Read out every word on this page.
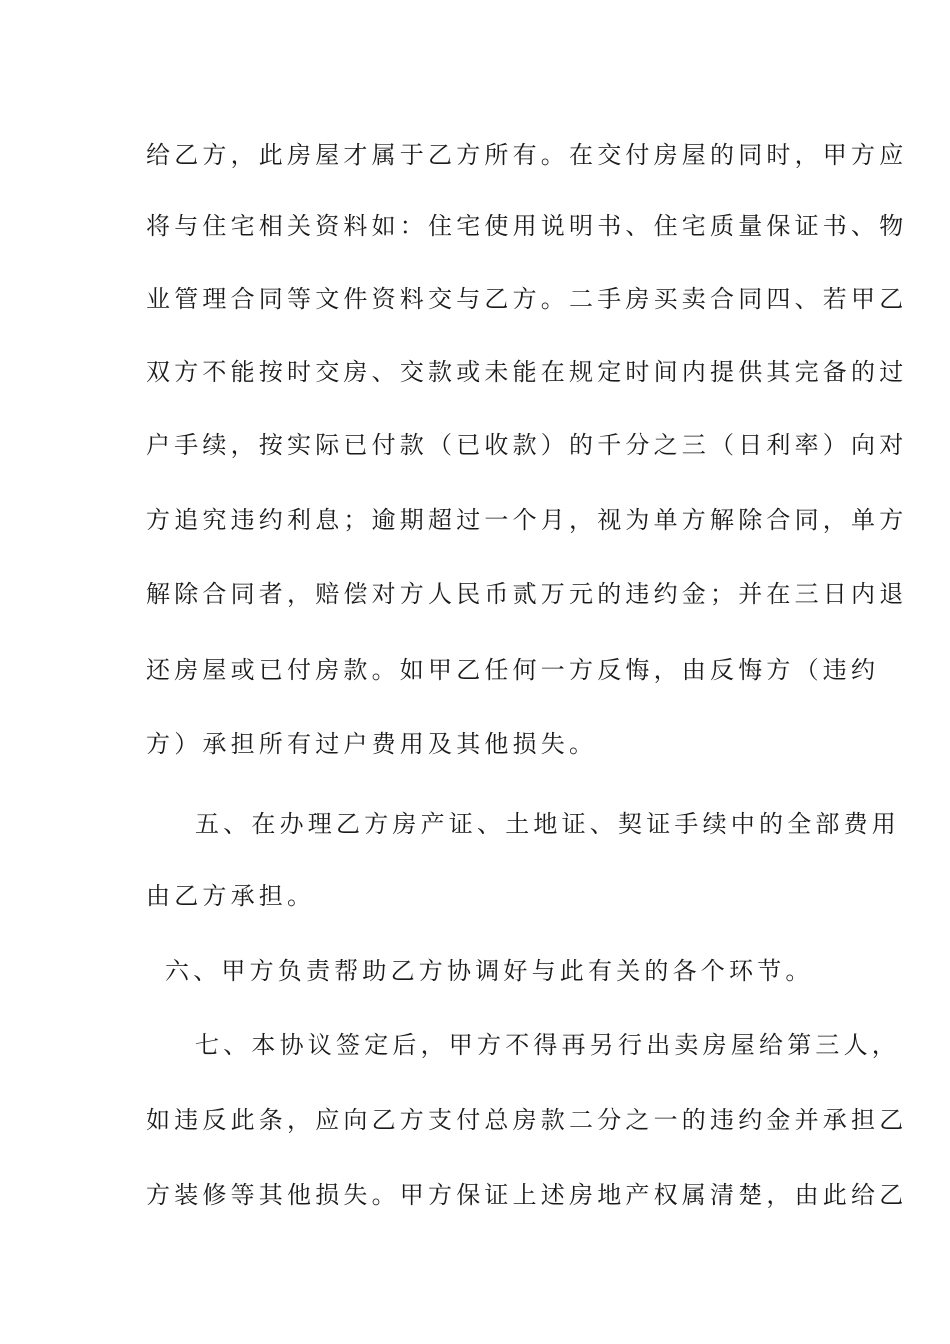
给乙方，此房屋才属于乙方所有。在交付房屋的同时，甲方应
将与住宅相关资料如：住宅使用说明书、住宅质量保证书、物
业管理合同等文件资料交与乙方。二手房买卖合同四、若甲乙
双方不能按时交房、交款或未能在规定时间内提供其完备的过
户手续，按实际已付款（已收款）的千分之三（日利率）向对
方追究违约利息；逾期超过一个月，视为单方解除合同，单方
解除合同者，赔偿对方人民币贰万元的违约金；并在三日内退
还房屋或已付房款。如甲乙任何一方反悔，由反悔方（违约
方）承担所有过户费用及其他损失。
五、在办理乙方房产证、土地证、契证手续中的全部费用
由乙方承担。
六、甲方负责帮助乙方协调好与此有关的各个环节。
七、本协议签定后，甲方不得再另行出卖房屋给第三人，
如违反此条，应向乙方支付总房款二分之一的违约金并承担乙
方装修等其他损失。甲方保证上述房地产权属清楚，由此给乙
